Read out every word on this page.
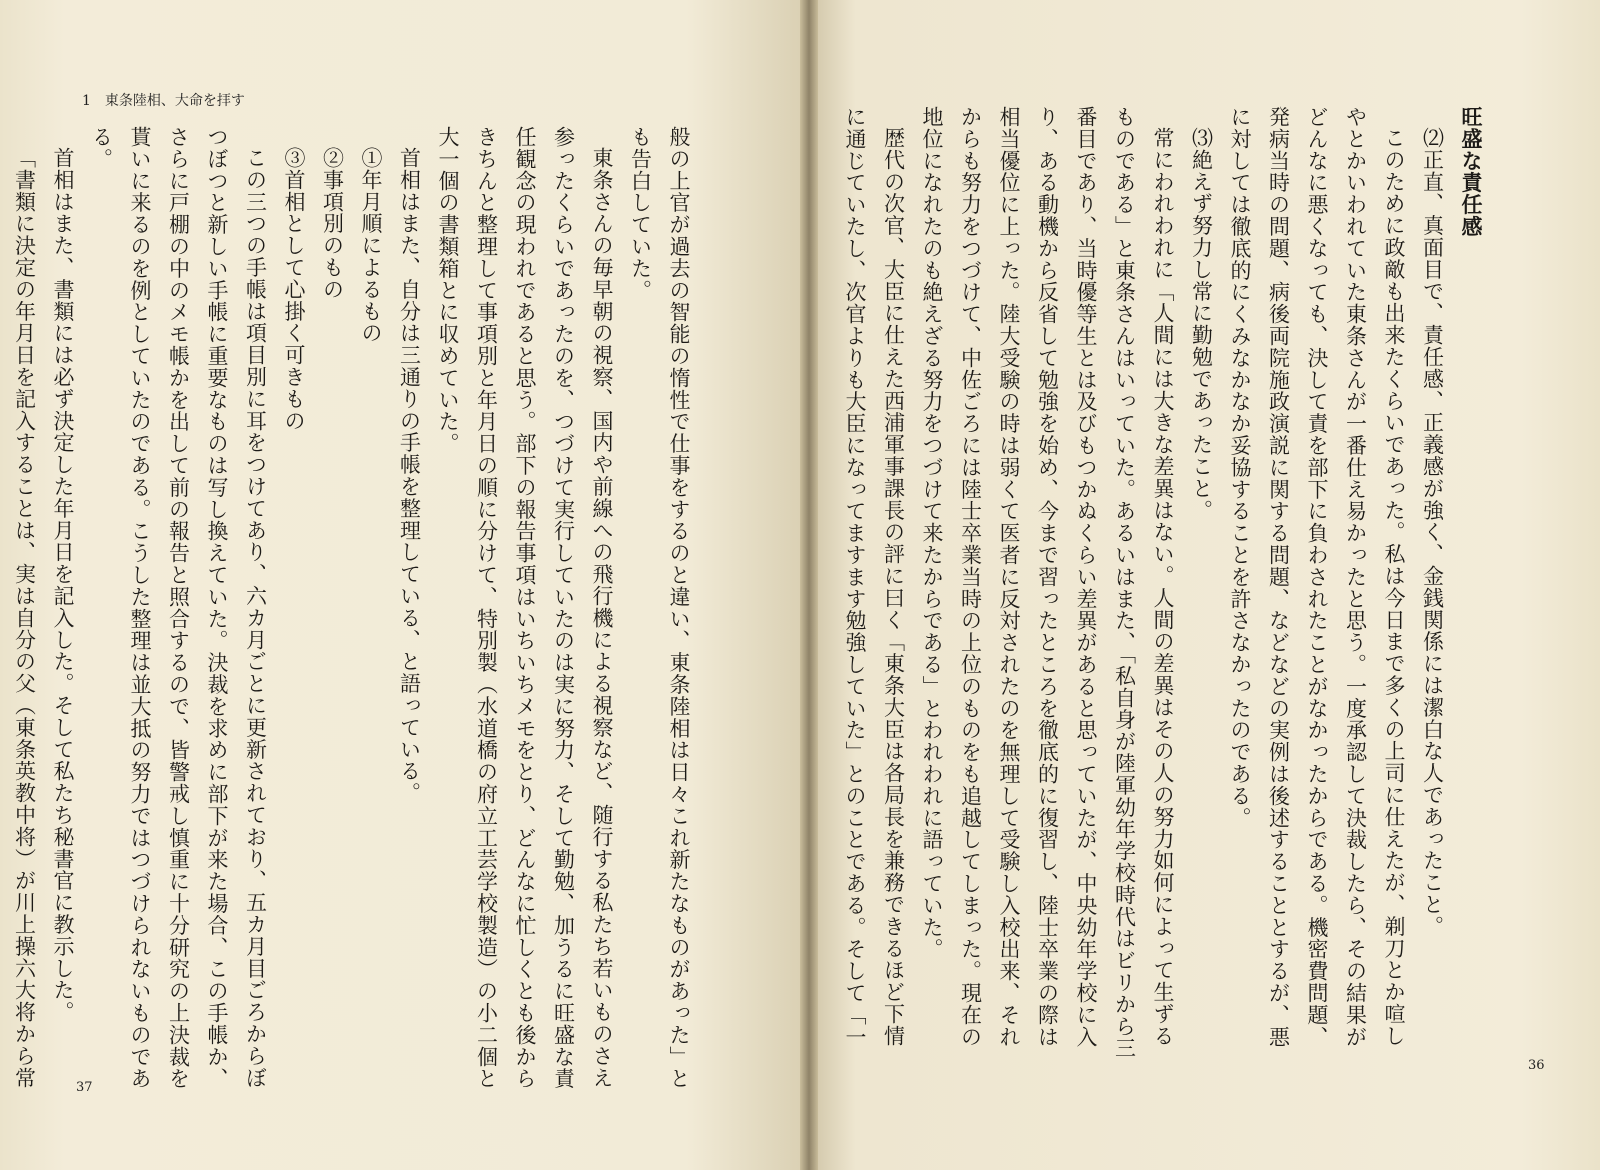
1　東条陸相、大命を拝す

般の上官が過去の智能の惰性で仕事をするのと違い、東条陸相は日々これ新たなものがあった」とも告白していた。

東条さんの毎早朝の視察、国内や前線への飛行機による視察など、随行する私たち若いものさえ参ったくらいであったのを、つづけて実行していたのは実に努力、そして勤勉、加うるに旺盛な責任観念の現われであると思う。部下の報告事項はいちいちメモをとり、どんなに忙しくとも後からきちんと整理して事項別と年月日の順に分けて、特別製（水道橋の府立工芸学校製造）の小二個と大一個の書類箱とに収めていた。

首相はまた、自分は三通りの手帳を整理している、と語っている。

①年月順によるもの

②事項別のもの

③首相として心掛く可きもの

この三つの手帳は項目別に耳をつけてあり、六カ月ごとに更新されており、五カ月目ごろからぼつぼつと新しい手帳に重要なものは写し換えていた。決裁を求めに部下が来た場合、この手帳か、さらに戸棚の中のメモ帳かを出して前の報告と照合するので、皆警戒し慎重に十分研究の上決裁を貰いに来るのを例としていたのである。こうした整理は並大抵の努力ではつづけられないものである。

首相はまた、書類には必ず決定した年月日を記入した。そして私たち秘書官に教示した。

「書類に決定の年月日を記入することは、実は自分の父（東条英教中将）が川上操六大将から常	37
36

旺盛な責任感

⑵正直、真面目で、責任感、正義感が強く、金銭関係には潔白な人であったこと。

このために政敵も出来たくらいであった。私は今日まで多くの上司に仕えたが、剃刀とか喧しやとかいわれていた東条さんが一番仕え易かったと思う。一度承認して決裁したら、その結果がどんなに悪くなっても、決して責を部下に負わされたことがなかったからである。機密費問題、発病当時の問題、病後両院施政演説に関する問題、などなどの実例は後述することとするが、悪に対しては徹底的にくみなかなか妥協することを許さなかったのである。

⑶絶えず努力し常に勤勉であったこと。

常にわれわれに「人間には大きな差異はない。人間の差異はその人の努力如何によって生ずるものである」と東条さんはいっていた。あるいはまた、「私自身が陸軍幼年学校時代はビリから三番目であり、当時優等生とは及びもつかぬくらい差異があると思っていたが、中央幼年学校に入り、ある動機から反省して勉強を始め、今まで習ったところを徹底的に復習し、陸士卒業の際は相当優位に上った。陸大受験の時は弱くて医者に反対されたのを無理して受験し入校出来、それからも努力をつづけて、中佐ごろには陸士卒業当時の上位のものをも追越してしまった。現在の地位になれたのも絶えざる努力をつづけて来たからである」とわれわれに語っていた。

歴代の次官、大臣に仕えた西浦軍事課長の評に曰く「東条大臣は各局長を兼務できるほど下情に通じていたし、次官よりも大臣になってますます勉強していた」とのことである。そして「一
